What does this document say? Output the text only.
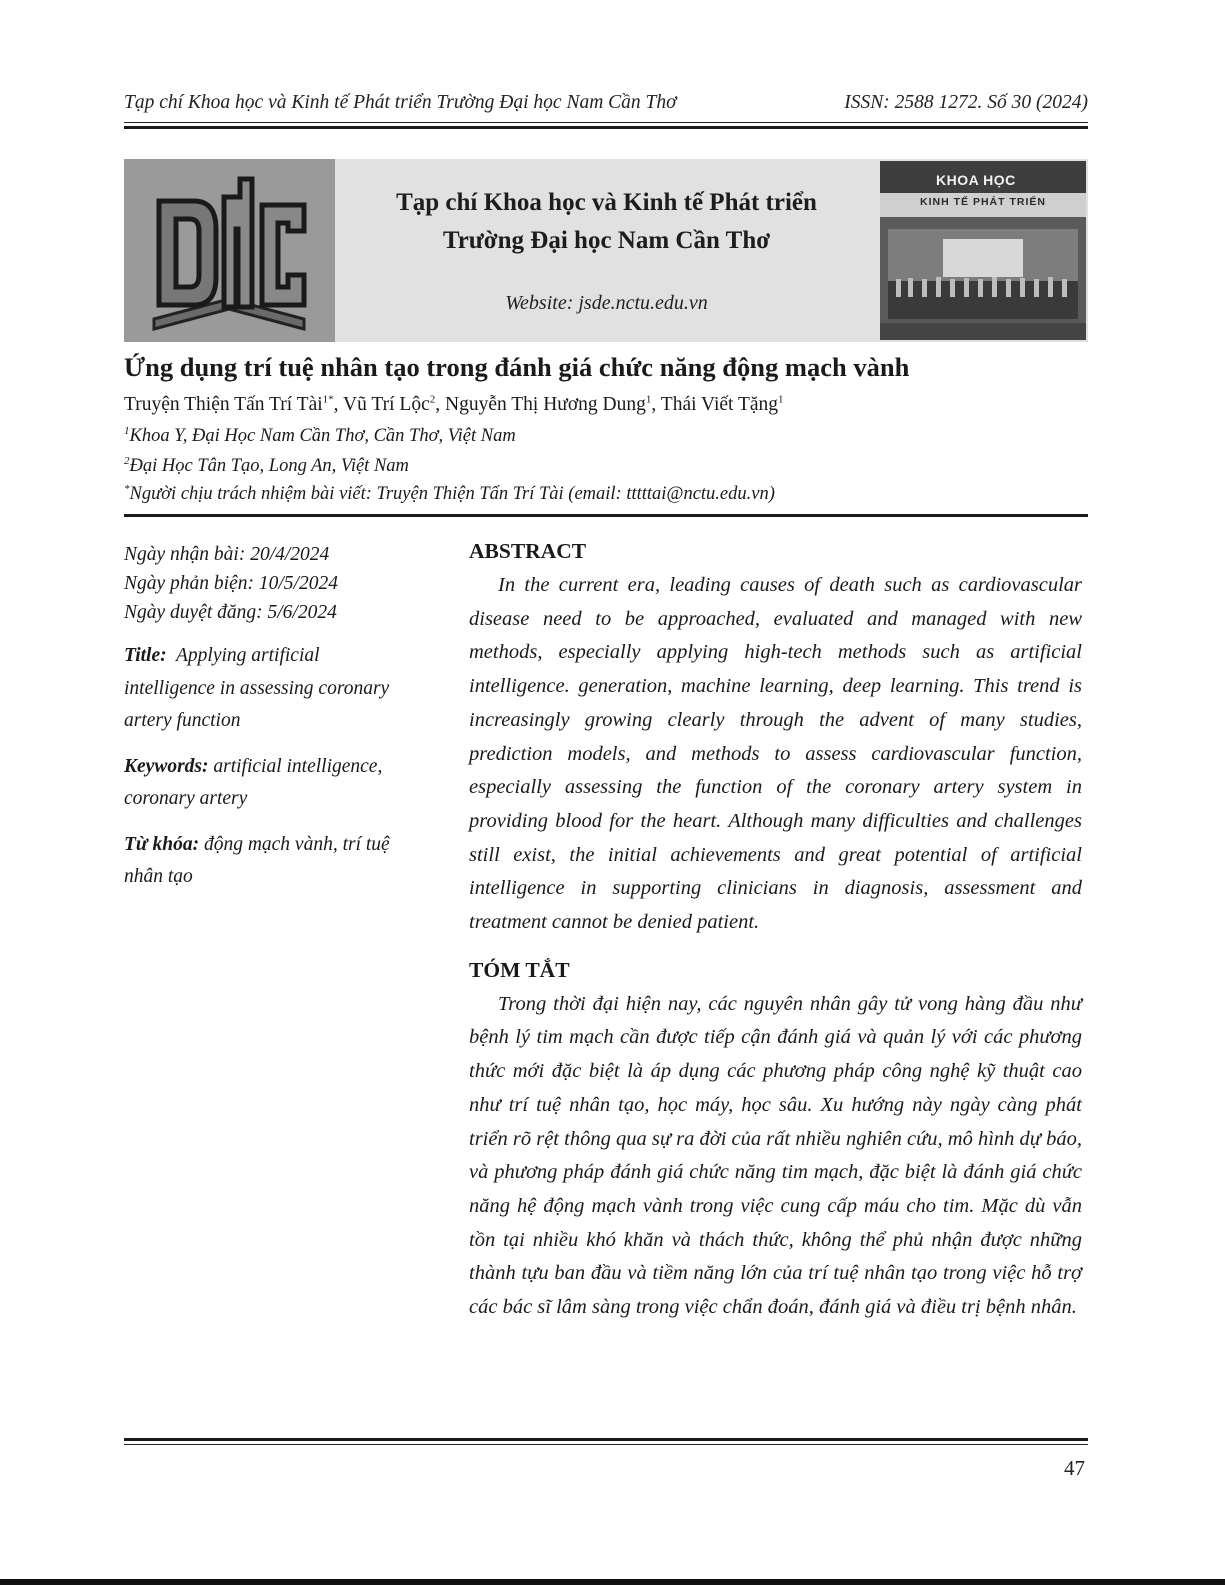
Tạp chí Khoa học và Kinh tế Phát triển Trường Đại học Nam Cần Thơ	ISSN: 2588 1272. Số 30 (2024)
Tạp chí Khoa học và Kinh tế Phát triển
Trường Đại học Nam Cần Thơ
Website: jsde.nctu.edu.vn
KHOA HỌC
KINH TẾ PHÁT TRIỂN
Ứng dụng trí tuệ nhân tạo trong đánh giá chức năng động mạch vành
Truyện Thiện Tấn Trí Tài$^{1*}$, Vũ Trí Lộc$^2$, Nguyễn Thị Hương Dung$^1$, Thái Viết Tặng$^1$
$^1$Khoa Y, Đại Học Nam Cần Thơ, Cần Thơ, Việt Nam
$^2$Đại Học Tân Tạo, Long An, Việt Nam
*Người chịu trách nhiệm bài viết: Truyện Thiện Tấn Trí Tài (email: tttttai@nctu.edu.vn)
Ngày nhận bài: 20/4/2024
Ngày phản biện: 10/5/2024
Ngày duyệt đăng: 5/6/2024
Title: Applying artificial intelligence in assessing coronary artery function
Keywords: artificial intelligence, coronary artery
Từ khóa: động mạch vành, trí tuệ nhân tạo
ABSTRACT
In the current era, leading causes of death such as cardiovascular disease need to be approached, evaluated and managed with new methods, especially applying high-tech methods such as artificial intelligence. generation, machine learning, deep learning. This trend is increasingly growing clearly through the advent of many studies, prediction models, and methods to assess cardiovascular function, especially assessing the function of the coronary artery system in providing blood for the heart. Although many difficulties and challenges still exist, the initial achievements and great potential of artificial intelligence in supporting clinicians in diagnosis, assessment and treatment cannot be denied patient.
TÓM TẮT
Trong thời đại hiện nay, các nguyên nhân gây tử vong hàng đầu như bệnh lý tim mạch cần được tiếp cận đánh giá và quản lý với các phương thức mới đặc biệt là áp dụng các phương pháp công nghệ kỹ thuật cao như trí tuệ nhân tạo, học máy, học sâu. Xu hướng này ngày càng phát triển rõ rệt thông qua sự ra đời của rất nhiều nghiên cứu, mô hình dự báo, và phương pháp đánh giá chức năng tim mạch, đặc biệt là đánh giá chức năng hệ động mạch vành trong việc cung cấp máu cho tim. Mặc dù vẫn tồn tại nhiều khó khăn và thách thức, không thể phủ nhận được những thành tựu ban đầu và tiềm năng lớn của trí tuệ nhân tạo trong việc hỗ trợ các bác sĩ lâm sàng trong việc chẩn đoán, đánh giá và điều trị bệnh nhân.
47
